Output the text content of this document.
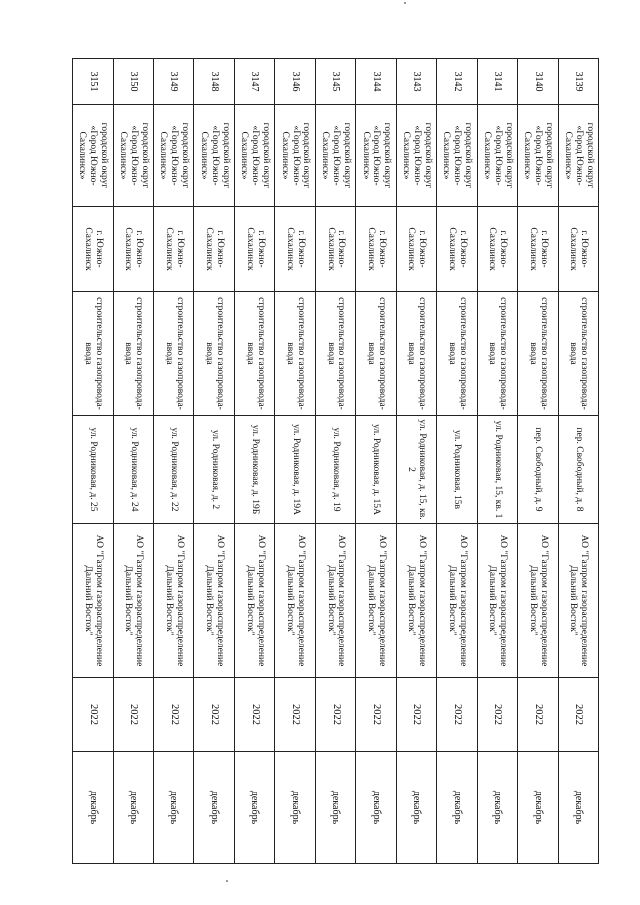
3139	городской округ «Город Южно-Сахалинск»	г. Южно-Сахалинск	строительство газопровода-ввода	пер. Свободный, д. 8	АО "Газпром газораспределение Дальний Восток"	2022	декабрь
3140	городской округ «Город Южно-Сахалинск»	г. Южно-Сахалинск	строительство газопровода-ввода	пер. Свободный, д. 9	АО "Газпром газораспределение Дальний Восток"	2022	декабрь
3141	городской округ «Город Южно-Сахалинск»	г. Южно-Сахалинск	строительство газопровода-ввода	ул. Родниковая, 15, кв. 1	АО "Газпром газораспределение Дальний Восток"	2022	декабрь
3142	городской округ «Город Южно-Сахалинск»	г. Южно-Сахалинск	строительство газопровода-ввода	ул. Родниковая, 15в	АО "Газпром газораспределение Дальний Восток"	2022	декабрь
3143	городской округ «Город Южно-Сахалинск»	г. Южно-Сахалинск	строительство газопровода-ввода	ул. Родниковая, д. 15, кв. 2	АО "Газпром газораспределение Дальний Восток"	2022	декабрь
3144	городской округ «Город Южно-Сахалинск»	г. Южно-Сахалинск	строительство газопровода-ввода	ул. Родниковая, д. 15А	АО "Газпром газораспределение Дальний Восток"	2022	декабрь
3145	городской округ «Город Южно-Сахалинск»	г. Южно-Сахалинск	строительство газопровода-ввода	ул. Родниковая, д. 19	АО "Газпром газораспределение Дальний Восток"	2022	декабрь
3146	городской округ «Город Южно-Сахалинск»	г. Южно-Сахалинск	строительство газопровода-ввода	ул. Родниковая, д. 19А	АО "Газпром газораспределение Дальний Восток"	2022	декабрь
3147	городской округ «Город Южно-Сахалинск»	г. Южно-Сахалинск	строительство газопровода-ввода	ул. Родниковая, д. 19Б	АО "Газпром газораспределение Дальний Восток"	2022	декабрь
3148	городской округ «Город Южно-Сахалинск»	г. Южно-Сахалинск	строительство газопровода-ввода	ул. Родниковая, д. 2	АО "Газпром газораспределение Дальний Восток"	2022	декабрь
3149	городской округ «Город Южно-Сахалинск»	г. Южно-Сахалинск	строительство газопровода-ввода	ул. Родниковая, д. 22	АО "Газпром газораспределение Дальний Восток"	2022	декабрь
3150	городской округ «Город Южно-Сахалинск»	г. Южно-Сахалинск	строительство газопровода-ввода	ул. Родниковая, д. 24	АО "Газпром газораспределение Дальний Восток"	2022	декабрь
3151	городской округ «Город Южно-Сахалинск»	г. Южно-Сахалинск	строительство газопровода-ввода	ул. Родниковая, д. 25	АО "Газпром газораспределение Дальний Восток"	2022	декабрь
